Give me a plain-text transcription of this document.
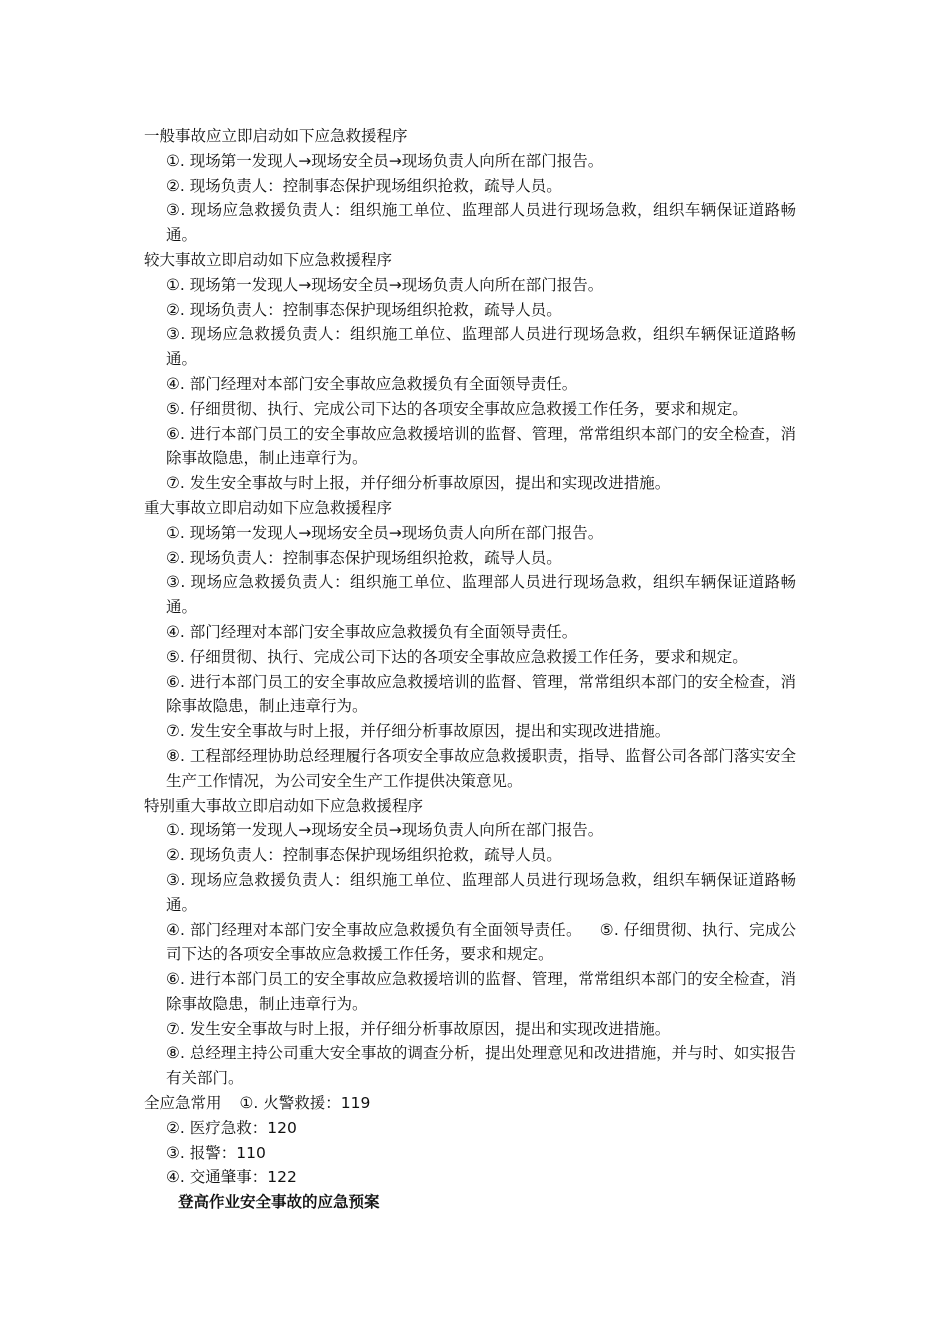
一般事故应立即启动如下应急救援程序

①. 现场第一发现人→现场安全员→现场负责人向所在部门报告。

②. 现场负责人：控制事态保护现场组织抢救，疏导人员。

③. 现场应急救援负责人：组织施工单位、监理部人员进行现场急救，组织车辆保证道路畅通。

较大事故立即启动如下应急救援程序

①. 现场第一发现人→现场安全员→现场负责人向所在部门报告。

②. 现场负责人：控制事态保护现场组织抢救，疏导人员。

③. 现场应急救援负责人：组织施工单位、监理部人员进行现场急救，组织车辆保证道路畅通。

④. 部门经理对本部门安全事故应急救援负有全面领导责任。

⑤. 仔细贯彻、执行、完成公司下达的各项安全事故应急救援工作任务，要求和规定。

⑥. 进行本部门员工的安全事故应急救援培训的监督、管理，常常组织本部门的安全检查，消除事故隐患，制止违章行为。

⑦. 发生安全事故与时上报，并仔细分析事故原因，提出和实现改进措施。

重大事故立即启动如下应急救援程序

①. 现场第一发现人→现场安全员→现场负责人向所在部门报告。

②. 现场负责人：控制事态保护现场组织抢救，疏导人员。

③. 现场应急救援负责人：组织施工单位、监理部人员进行现场急救，组织车辆保证道路畅通。

④. 部门经理对本部门安全事故应急救援负有全面领导责任。

⑤. 仔细贯彻、执行、完成公司下达的各项安全事故应急救援工作任务，要求和规定。

⑥. 进行本部门员工的安全事故应急救援培训的监督、管理，常常组织本部门的安全检查，消除事故隐患，制止违章行为。

⑦. 发生安全事故与时上报，并仔细分析事故原因，提出和实现改进措施。

⑧. 工程部经理协助总经理履行各项安全事故应急救援职责，指导、监督公司各部门落实安全生产工作情况，为公司安全生产工作提供决策意见。

特别重大事故立即启动如下应急救援程序

①. 现场第一发现人→现场安全员→现场负责人向所在部门报告。

②. 现场负责人：控制事态保护现场组织抢救，疏导人员。

③. 现场应急救援负责人：组织施工单位、监理部人员进行现场急救，组织车辆保证道路畅通。

④. 部门经理对本部门安全事故应急救援负有全面领导责任。 ⑤. 仔细贯彻、执行、完成公司下达的各项安全事故应急救援工作任务，要求和规定。

⑥. 进行本部门员工的安全事故应急救援培训的监督、管理，常常组织本部门的安全检查，消除事故隐患，制止违章行为。

⑦. 发生安全事故与时上报，并仔细分析事故原因，提出和实现改进措施。

⑧. 总经理主持公司重大安全事故的调查分析，提出处理意见和改进措施，并与时、如实报告有关部门。

全应急常用 ①. 火警救援：119

②. 医疗急救：120

③. 报警：110

④. 交通肇事：122

登高作业安全事故的应急预案
